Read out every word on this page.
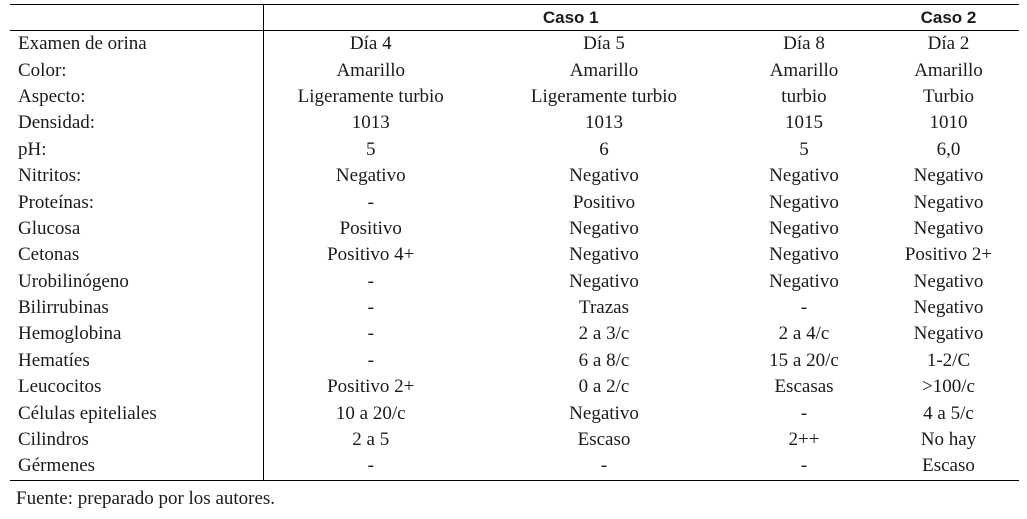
	Caso 1			Caso 2
Examen de orina	Día 4	Día 5	Día 8	Día 2
Color:	Amarillo	Amarillo	Amarillo	Amarillo
Aspecto:	Ligeramente turbio	Ligeramente turbio	turbio	Turbio
Densidad:	1013	1013	1015	1010
pH:	5	6	5	6,0
Nitritos:	Negativo	Negativo	Negativo	Negativo
Proteínas:	-	Positivo	Negativo	Negativo
Glucosa	Positivo	Negativo	Negativo	Negativo
Cetonas	Positivo 4+	Negativo	Negativo	Positivo 2+
Urobilinógeno	-	Negativo	Negativo	Negativo
Bilirrubinas	-	Trazas	-	Negativo
Hemoglobina	-	2 a 3/c	2 a 4/c	Negativo
Hematíes	-	6 a 8/c	15 a 20/c	1-2/C
Leucocitos	Positivo 2+	0 a 2/c	Escasas	>100/c
Células epiteliales	10 a 20/c	Negativo	-	4 a 5/c
Cilindros	2 a 5	Escaso	2++	No hay
Gérmenes	-	-	-	Escaso
Fuente: preparado por los autores.
